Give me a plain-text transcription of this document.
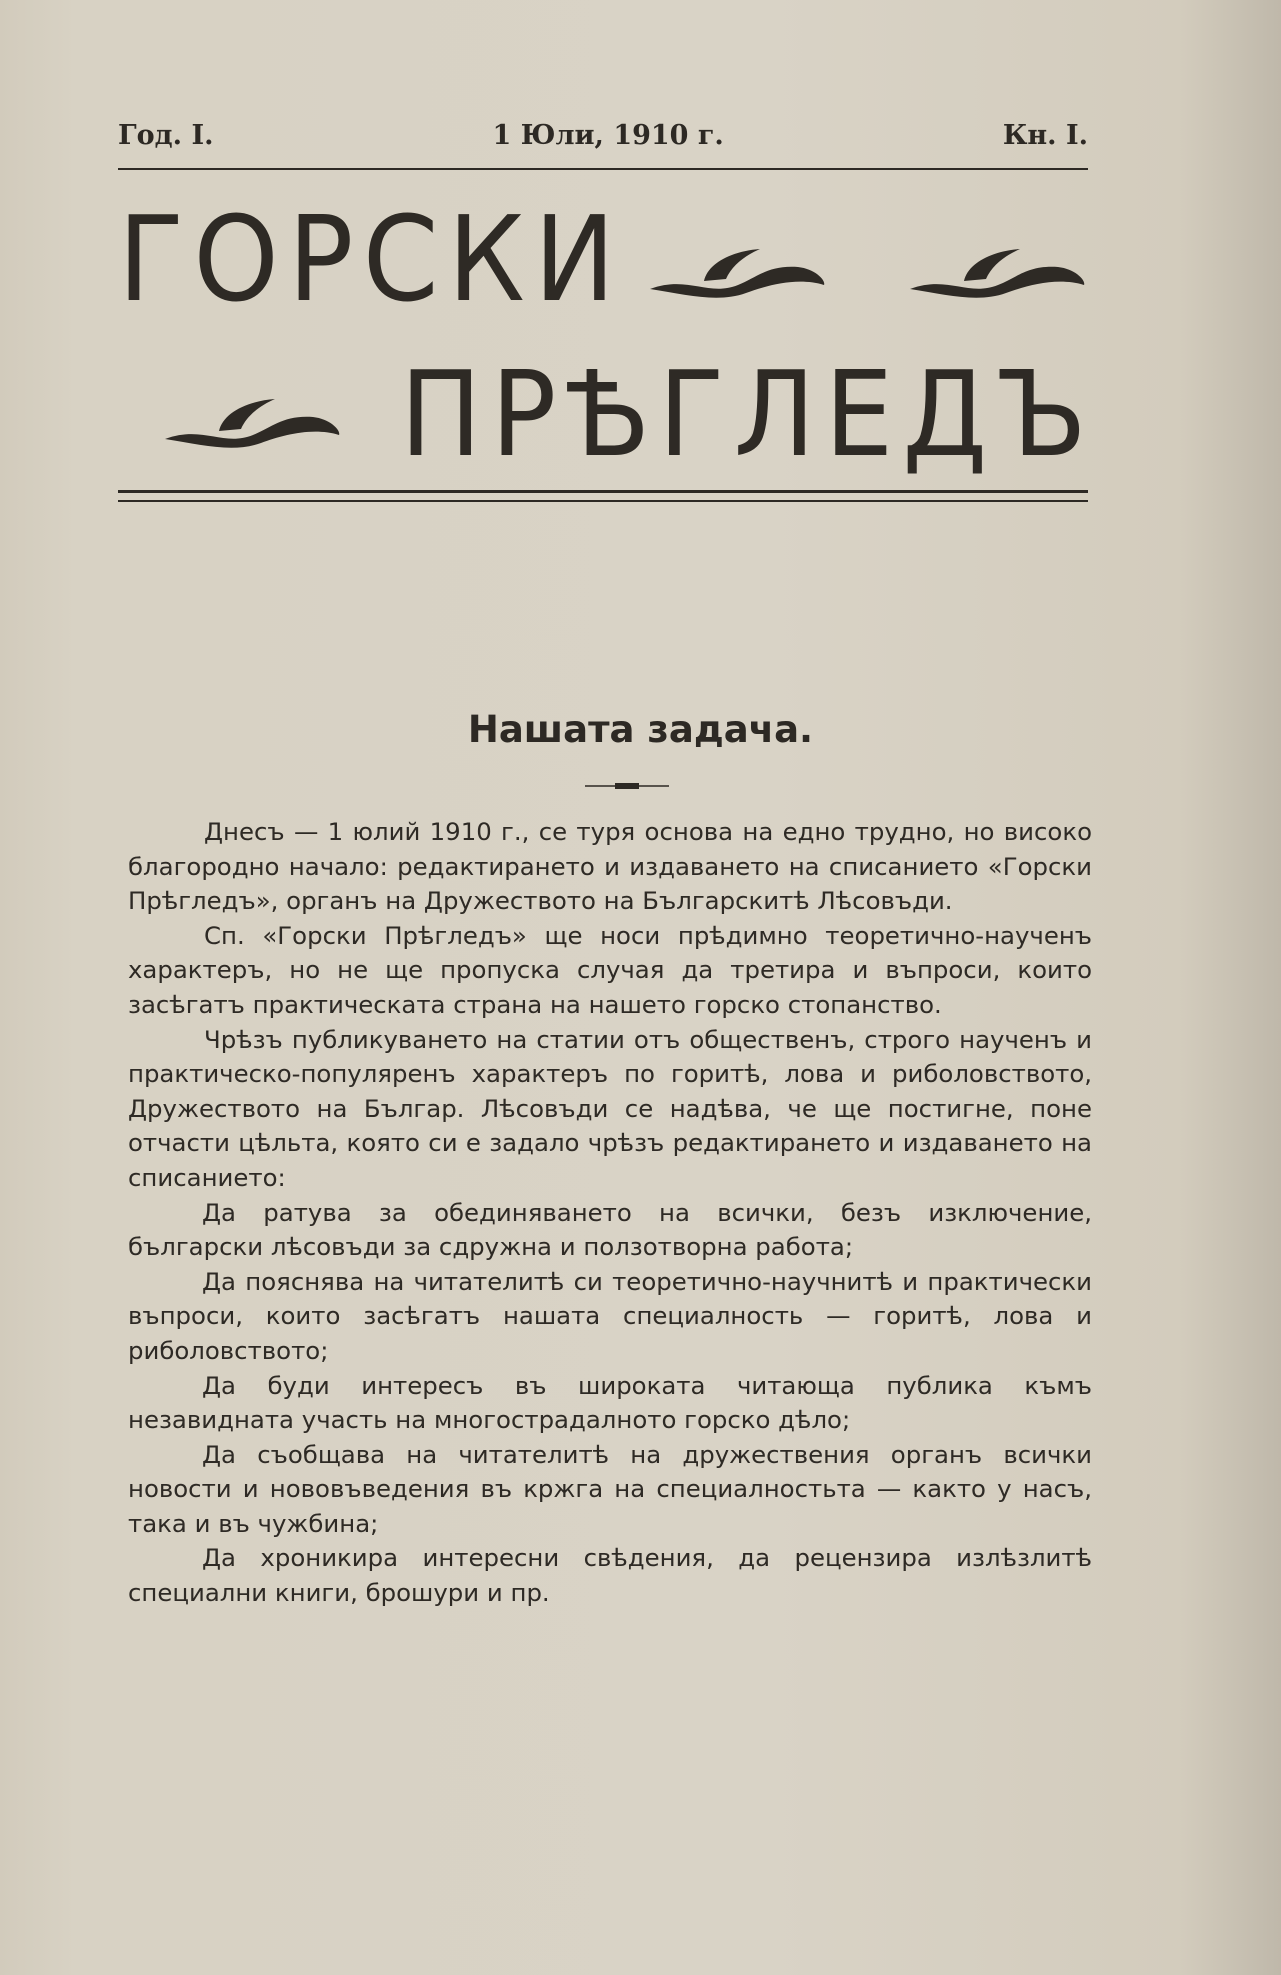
Год. I.	1 Юли, 1910 г.	Кн. I.
ГОРСКИ
ПРѢГЛЕДЪ
Нашата задача.

Днесъ — 1 юлий 1910 г., се туря основа на едно трудно, но високо благородно начало: редактирането и издаването на списанието «Горски Прѣгледъ», органъ на Дружеството на Българскитѣ Лѣсовъди.

Сп. «Горски Прѣгледъ» ще носи прѣдимно теоретично-наученъ характеръ, но не ще пропуска случая да третира и въпроси, които засѣгатъ практическата страна на нашето горско стопанство.

Чрѣзъ публикуването на статии отъ общественъ, строго наученъ и практическо-популяренъ характеръ по горитѣ, лова и риболовството, Дружеството на Българ. Лѣсовъди се надѣва, че ще постигне, поне отчасти цѣльта, която си е задало чрѣзъ редактирането и издаването на списанието:

Да ратува за обединяването на всички, безъ изключение, български лѣсовъди за сдружна и ползотворна работа;

Да пояснява на читателитѣ си теоретично-научнитѣ и практически въпроси, които засѣгатъ нашата специалность — горитѣ, лова и риболовството;

Да буди интересъ въ широката читающа публика къмъ незавидната участь на многострадалното горско дѣло;

Да съобщава на читателитѣ на дружествения органъ всички новости и нововъведения въ кржга на специалностьта — както у насъ, така и въ чужбина;

Да хроникира интересни свѣдения, да рецензира излѣзлитѣ специални книги, брошури и пр.
